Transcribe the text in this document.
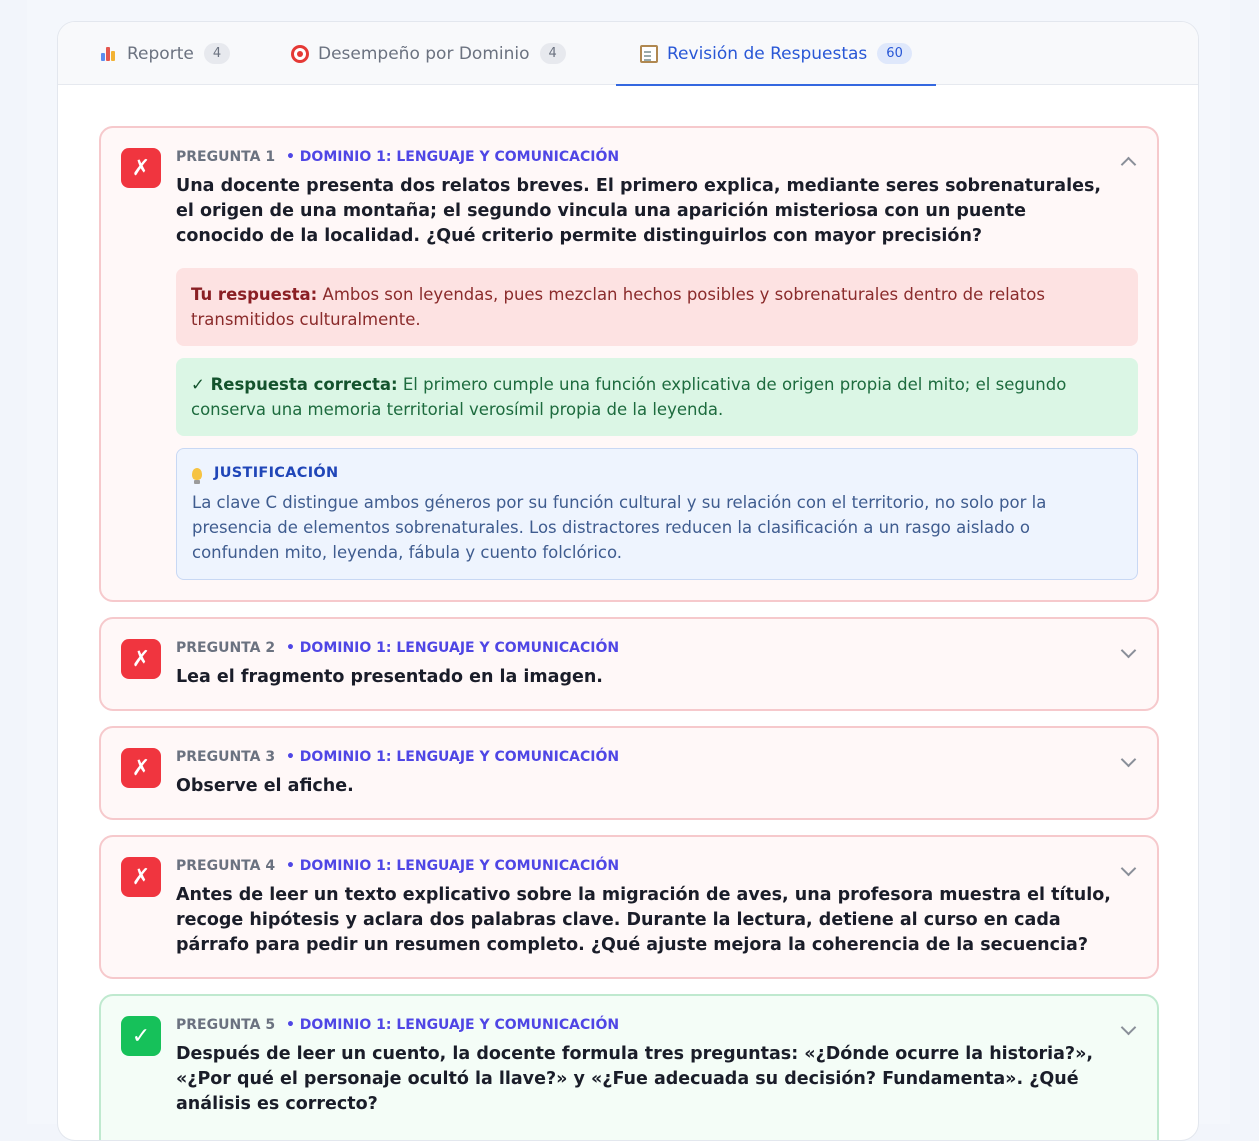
Reporte	4	Desempeño por Dominio	4	Revisión de Respuestas	60
✗	PREGUNTA 1 • DOMINIO 1: LENGUAJE Y COMUNICACIÓN
Una docente presenta dos relatos breves. El primero explica, mediante seres sobrenaturales, el origen de una montaña; el segundo vincula una aparición misteriosa con un puente conocido de la localidad. ¿Qué criterio permite distinguirlos con mayor precisión?
Tu respuesta: Ambos son leyendas, pues mezclan hechos posibles y sobrenaturales dentro de relatos transmitidos culturalmente.
✓ Respuesta correcta: El primero cumple una función explicativa de origen propia del mito; el segundo conserva una memoria territorial verosímil propia de la leyenda.
JUSTIFICACIÓN
La clave C distingue ambos géneros por su función cultural y su relación con el territorio, no solo por la presencia de elementos sobrenaturales. Los distractores reducen la clasificación a un rasgo aislado o confunden mito, leyenda, fábula y cuento folclórico.
✗	PREGUNTA 2 • DOMINIO 1: LENGUAJE Y COMUNICACIÓN
Lea el fragmento presentado en la imagen.
✗	PREGUNTA 3 • DOMINIO 1: LENGUAJE Y COMUNICACIÓN
Observe el afiche.
✗	PREGUNTA 4 • DOMINIO 1: LENGUAJE Y COMUNICACIÓN
Antes de leer un texto explicativo sobre la migración de aves, una profesora muestra el título, recoge hipótesis y aclara dos palabras clave. Durante la lectura, detiene al curso en cada párrafo para pedir un resumen completo. ¿Qué ajuste mejora la coherencia de la secuencia?
✓	PREGUNTA 5 • DOMINIO 1: LENGUAJE Y COMUNICACIÓN
Después de leer un cuento, la docente formula tres preguntas: «¿Dónde ocurre la historia?», «¿Por qué el personaje ocultó la llave?» y «¿Fue adecuada su decisión? Fundamenta». ¿Qué análisis es correcto?
